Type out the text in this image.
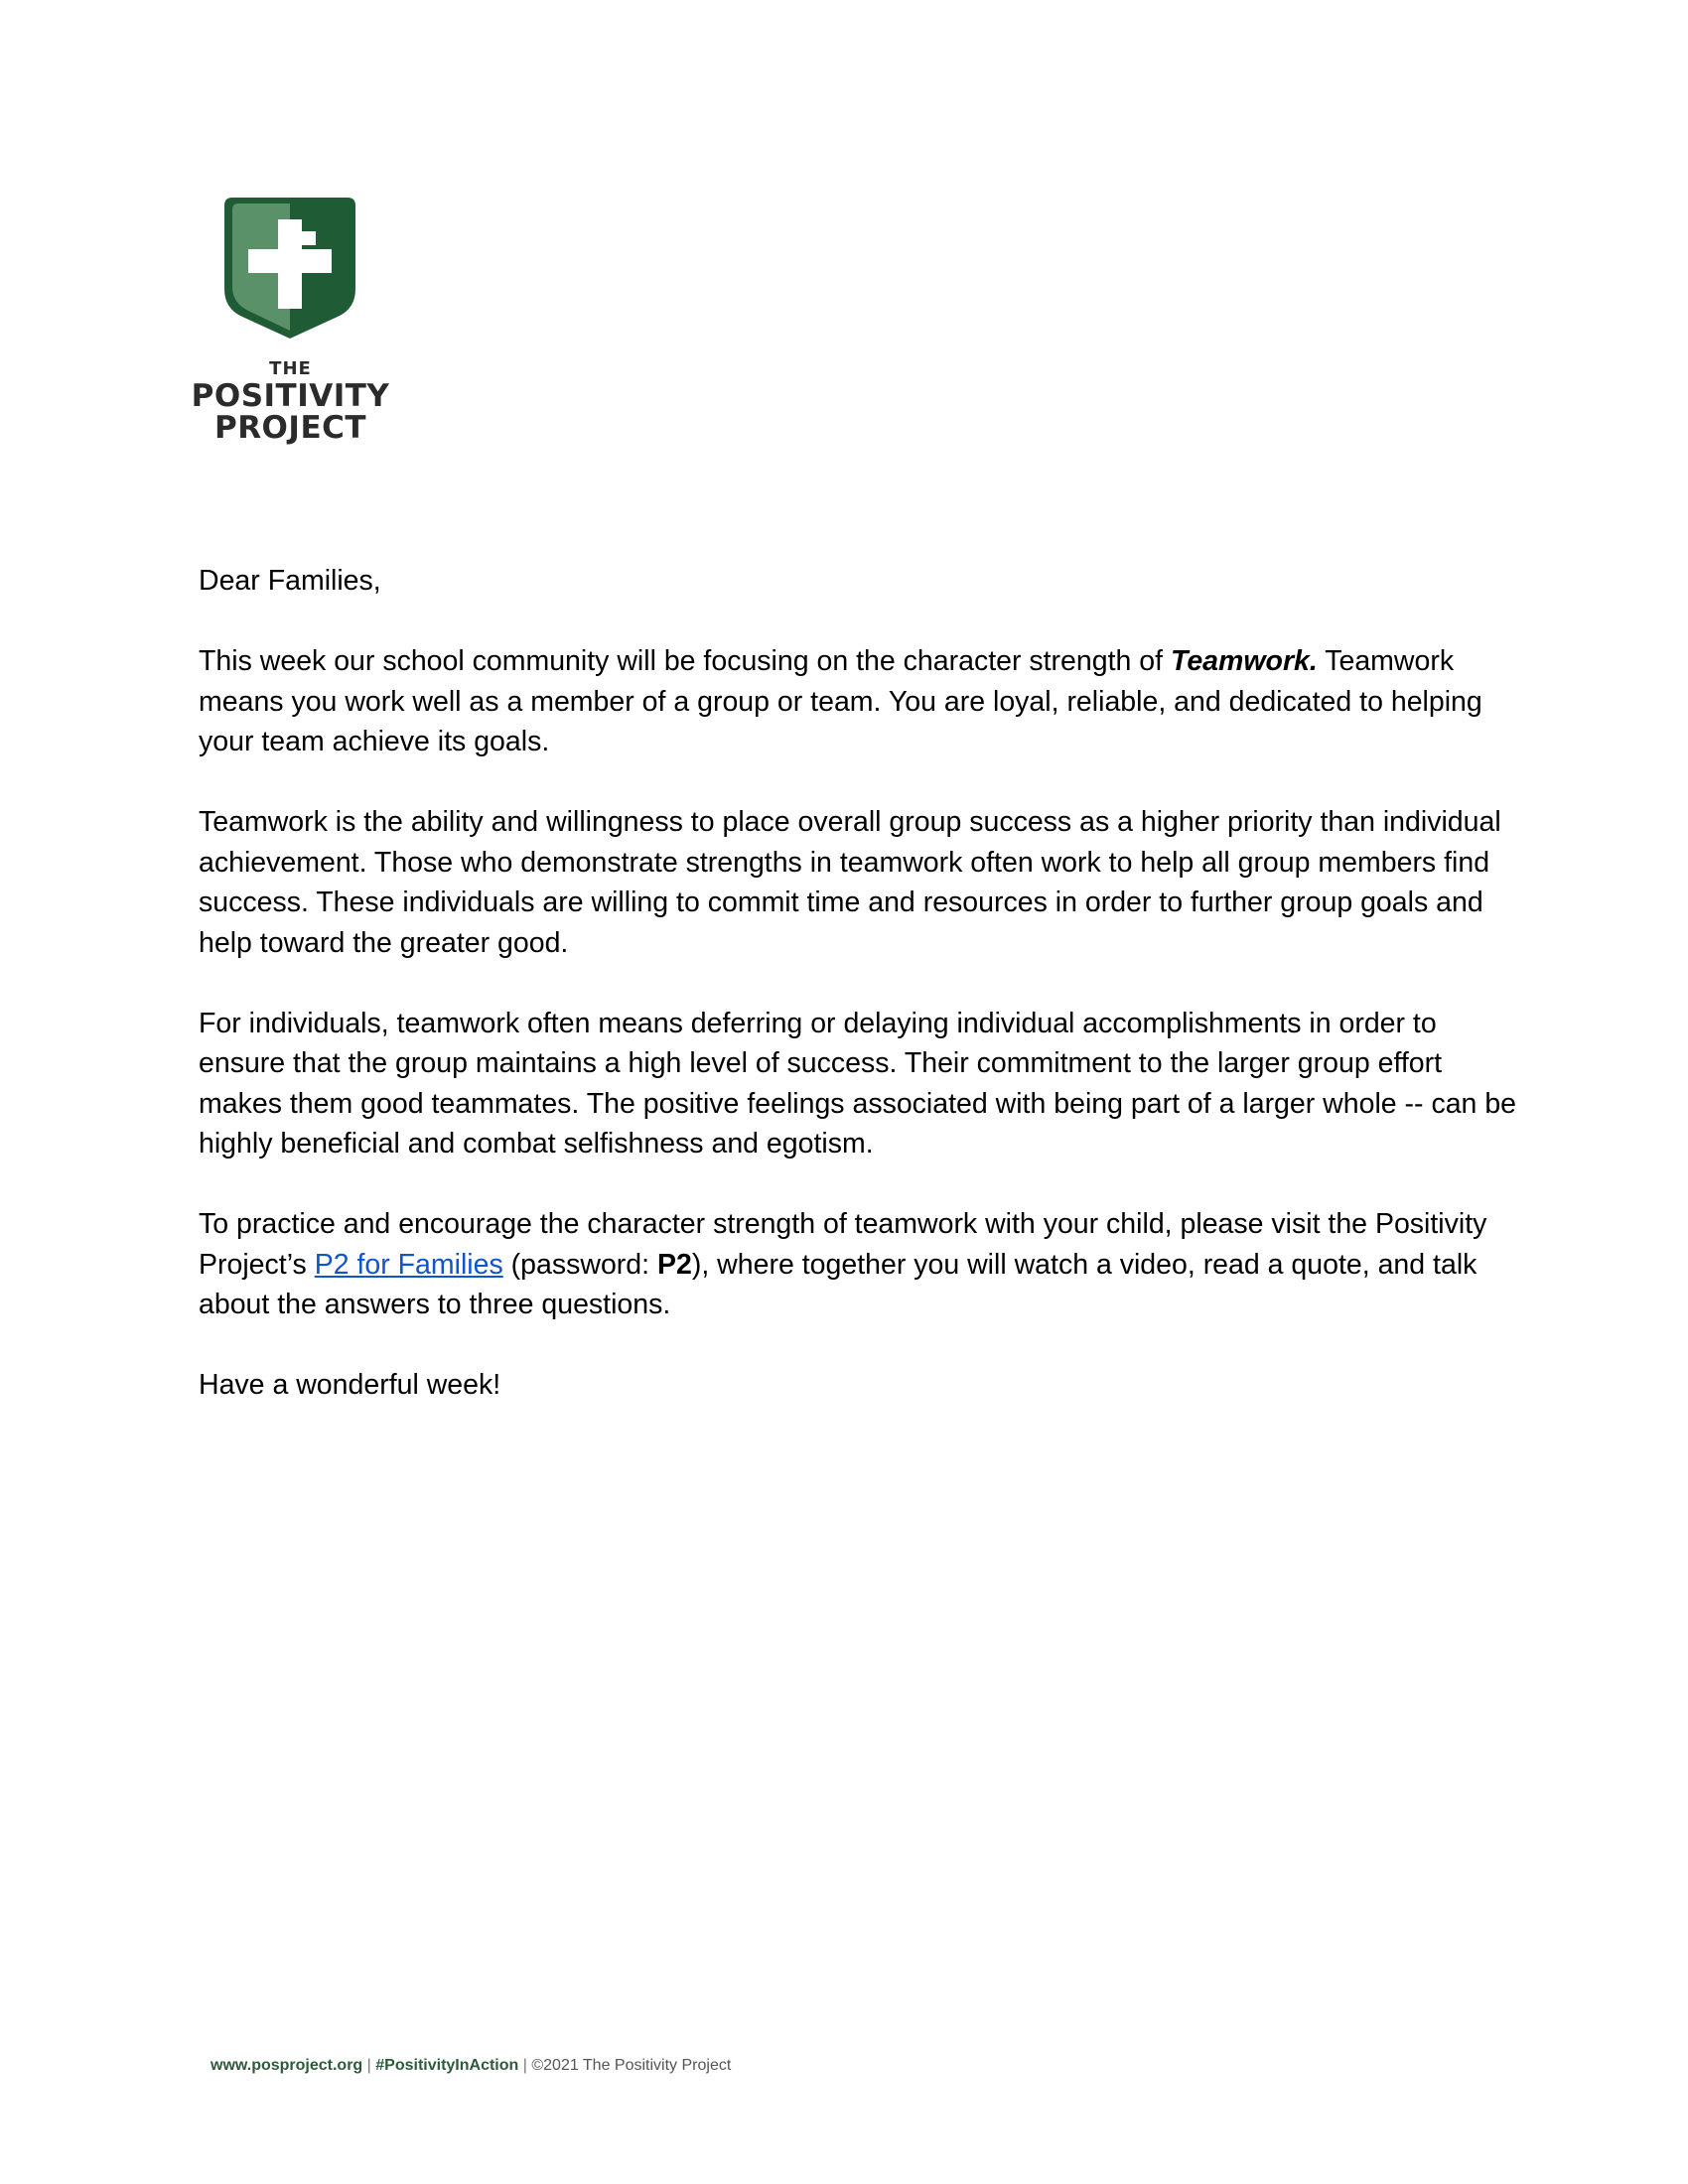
THE
POSITIVITY
PROJECT

Dear Families,

This week our school community will be focusing on the character strength of Teamwork. Teamwork means you work well as a member of a group or team. You are loyal, reliable, and dedicated to helping your team achieve its goals.

Teamwork is the ability and willingness to place overall group success as a higher priority than individual achievement. Those who demonstrate strengths in teamwork often work to help all group members find success. These individuals are willing to commit time and resources in order to further group goals and help toward the greater good.

For individuals, teamwork often means deferring or delaying individual accomplishments in order to ensure that the group maintains a high level of success. Their commitment to the larger group effort makes them good teammates. The positive feelings associated with being part of a larger whole -- can be highly beneficial and combat selfishness and egotism.

To practice and encourage the character strength of teamwork with your child, please visit the Positivity Project’s P2 for Families (password: P2), where together you will watch a video, read a quote, and talk about the answers to three questions.

Have a wonderful week!

www.posproject.org | #PositivityInAction | ©2021 The Positivity Project
